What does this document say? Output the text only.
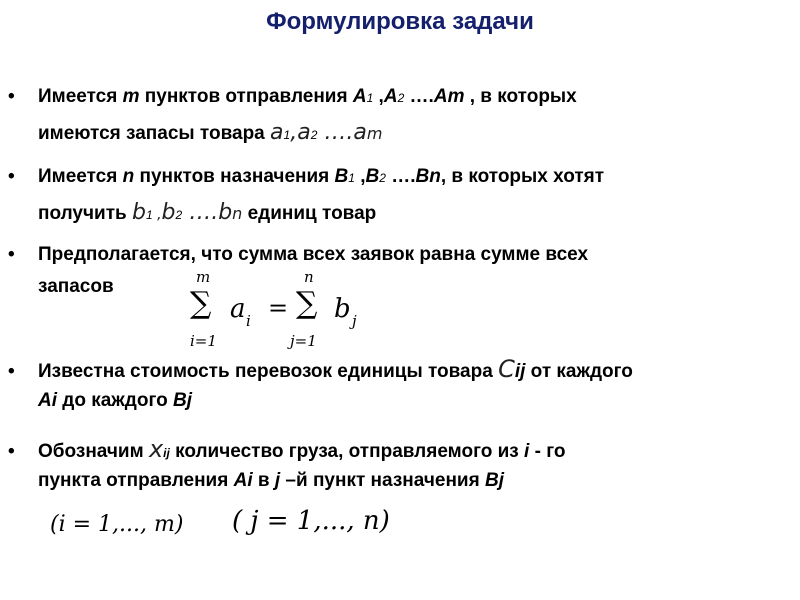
Формулировка задачи
• Имеется m пунктов отправления A1 ,A2 ….Am , в которых
имеются запасы товара a1,a2 ….am
• Имеется n пунктов назначения B1 ,B2 ….Bn, в которых хотят
получить b1 ,b2 ….bn единиц товар
• Предполагается, что сумма всех заявок равна сумме всех
запасов	m
∑
i=1
a i =
n
∑
j=1
b j
• Известна стоимость перевозок единицы товара Cij от каждого
Ai до каждого Bj
• Обозначим xij количество груза, отправляемого из i - го
пункта отправления Ai в j –й пункт назначения Bj
(i = 1,..., m) ( j = 1,..., n)
